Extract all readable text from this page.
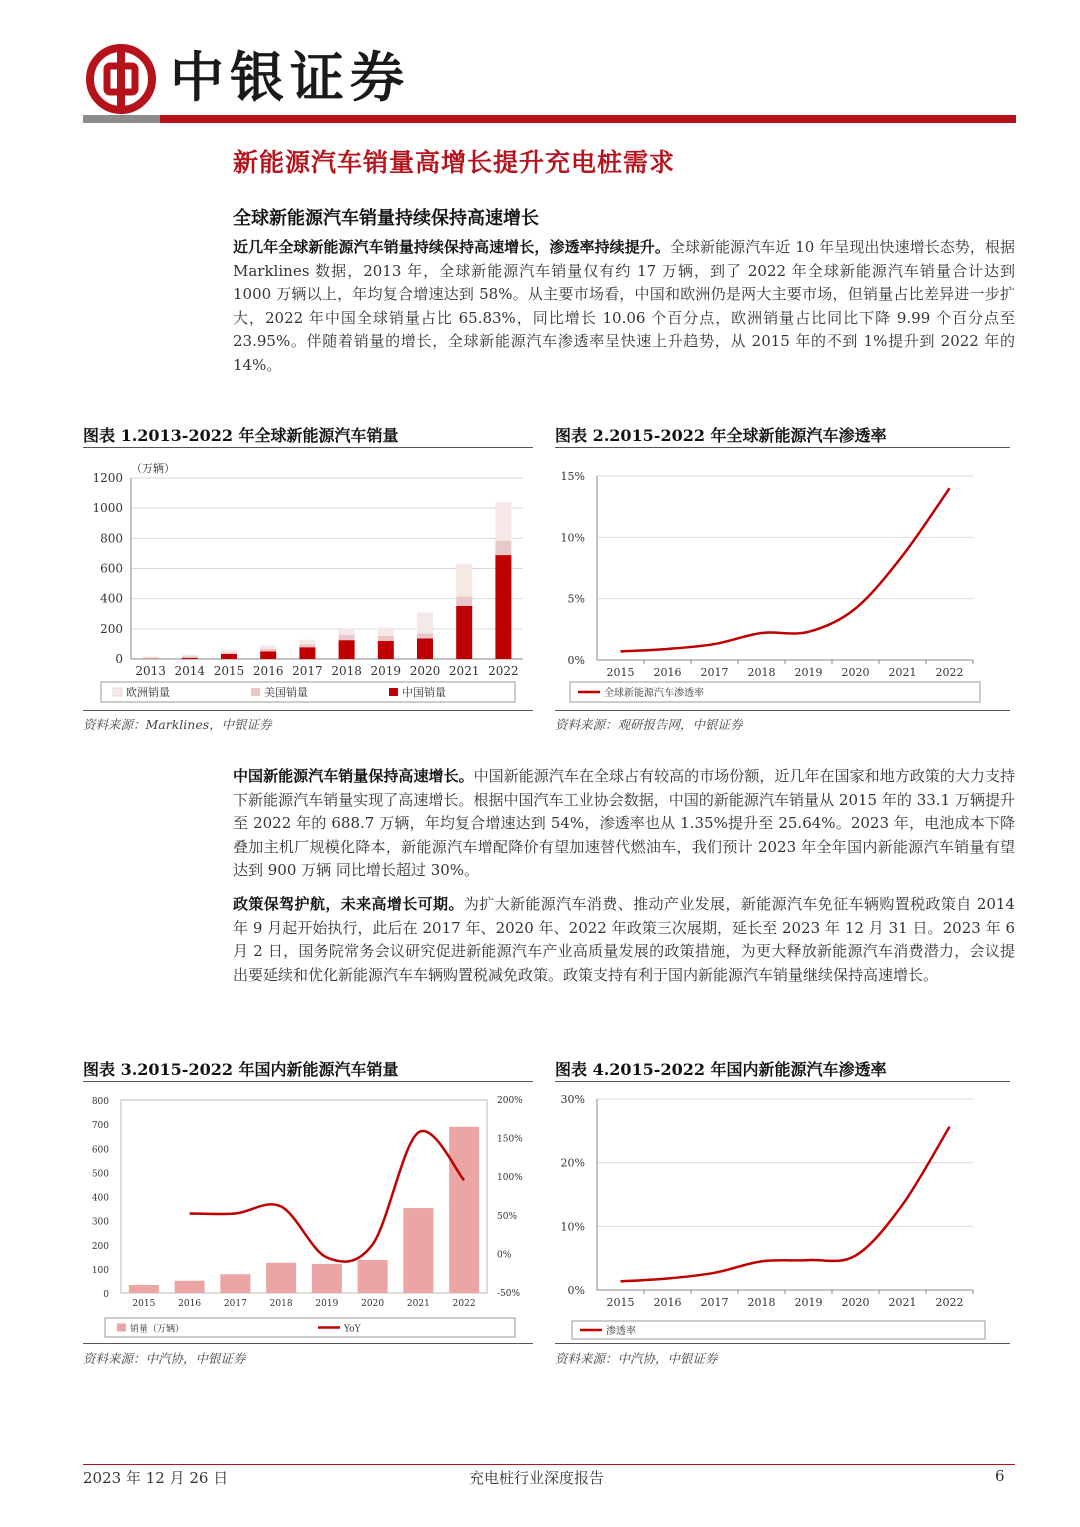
中银证券
新能源汽车销量高增长提升充电桩需求
全球新能源汽车销量持续保持高速增长
近几年全球新能源汽车销量持续保持高速增长，渗透率持续提升。全球新能源汽车近 10 年呈现出快速增长态势，根据 Marklines 数据，2013 年，全球新能源汽车销量仅有约 17 万辆，到了 2022 年全球新能源汽车销量合计达到 1000 万辆以上，年均复合增速达到 58%。从主要市场看，中国和欧洲仍是两大主要市场，但销量占比差异进一步扩大，2022 年中国全球销量占比 65.83%，同比增长 10.06 个百分点，欧洲销量占比同比下降 9.99 个百分点至 23.95%。伴随着销量的增长，全球新能源汽车渗透率呈快速上升趋势，从 2015 年的不到 1%提升到 2022 年的 14%。
图表 1.2013-2022 年全球新能源汽车销量
（万辆）
0
200
400
600
800
1000
1200
2013 2014 2015 2016 2017 2018 2019 2020 2021 2022
欧洲销量	美国销量	中国销量
资料来源：Marklines，中银证券
图表 2.2015-2022 年全球新能源汽车渗透率
0%
5%
10%
15%
2015 2016 2017 2018 2019 2020 2021 2022
全球新能源汽车渗透率
资料来源：观研报告网，中银证券
中国新能源汽车销量保持高速增长。中国新能源汽车在全球占有较高的市场份额，近几年在国家和地方政策的大力支持下新能源汽车销量实现了高速增长。根据中国汽车工业协会数据，中国的新能源汽车销量从 2015 年的 33.1 万辆提升至 2022 年的 688.7 万辆，年均复合增速达到 54%，渗透率也从 1.35%提升至 25.64%。2023 年，电池成本下降叠加主机厂规模化降本，新能源汽车增配降价有望加速替代燃油车，我们预计 2023 年全年国内新能源汽车销量有望达到 900 万辆 同比增长超过 30%。
政策保驾护航，未来高增长可期。为扩大新能源汽车消费、推动产业发展，新能源汽车免征车辆购置税政策自 2014 年 9 月起开始执行，此后在 2017 年、2020 年、2022 年政策三次展期，延长至 2023 年 12 月 31 日。2023 年 6 月 2 日，国务院常务会议研究促进新能源汽车产业高质量发展的政策措施，为更大释放新能源汽车消费潜力，会议提出要延续和优化新能源汽车车辆购置税减免政策。政策支持有利于国内新能源汽车销量继续保持高速增长。
图表 3.2015-2022 年国内新能源汽车销量
0
100
200
300
400
500
600
700
800
-50%
0%
50%
100%
150%
200%
2015	2016	2017	2018	2019	2020	2021	2022
销量（万辆）	YoY
资料来源：中汽协，中银证券
图表 4.2015-2022 年国内新能源汽车渗透率
0%
10%
20%
30%
2015 2016 2017 2018 2019 2020 2021 2022
渗透率
资料来源：中汽协，中银证券
2023 年 12 月 26 日	充电桩行业深度报告	6
